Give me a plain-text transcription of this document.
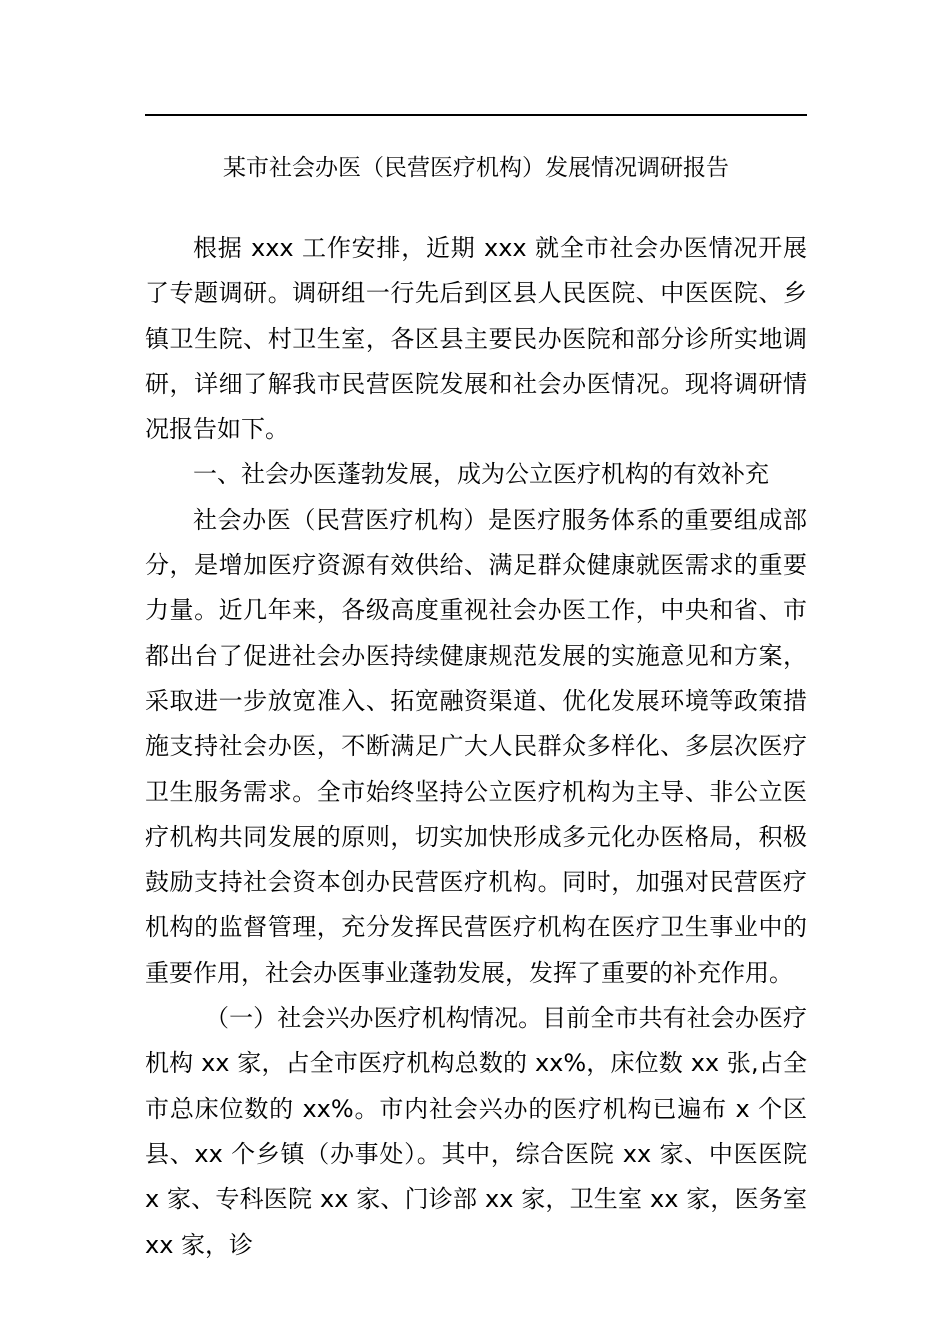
某市社会办医（民营医疗机构）发展情况调研报告

根据 xxx 工作安排，近期 xxx 就全市社会办医情况开展了专题调研。调研组一行先后到区县人民医院、中医医院、乡镇卫生院、村卫生室，各区县主要民办医院和部分诊所实地调研，详细了解我市民营医院发展和社会办医情况。现将调研情况报告如下。

一、社会办医蓬勃发展，成为公立医疗机构的有效补充

社会办医（民营医疗机构）是医疗服务体系的重要组成部分，是增加医疗资源有效供给、满足群众健康就医需求的重要力量。近几年来，各级高度重视社会办医工作，中央和省、市都出台了促进社会办医持续健康规范发展的实施意见和方案，采取进一步放宽准入、拓宽融资渠道、优化发展环境等政策措施支持社会办医，不断满足广大人民群众多样化、多层次医疗卫生服务需求。全市始终坚持公立医疗机构为主导、非公立医疗机构共同发展的原则，切实加快形成多元化办医格局，积极鼓励支持社会资本创办民营医疗机构。同时，加强对民营医疗机构的监督管理，充分发挥民营医疗机构在医疗卫生事业中的重要作用，社会办医事业蓬勃发展，发挥了重要的补充作用。

（一）社会兴办医疗机构情况。目前全市共有社会办医疗机构 xx 家，占全市医疗机构总数的 xx%，床位数 xx 张,占全市总床位数的 xx%。市内社会兴办的医疗机构已遍布 x 个区县、xx 个乡镇（办事处）。其中，综合医院 xx 家、中医医院 x 家、专科医院 xx 家、门诊部 xx 家，卫生室 xx 家，医务室 xx 家，诊
